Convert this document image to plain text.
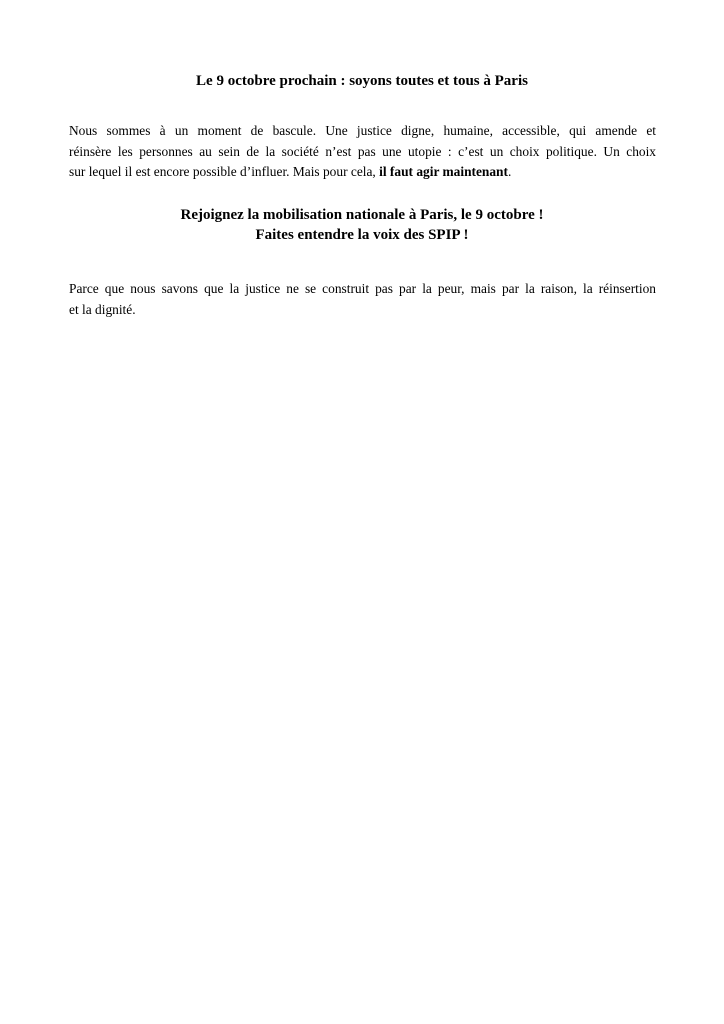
Le 9 octobre prochain : soyons toutes et tous à Paris
Nous sommes à un moment de bascule. Une justice digne, humaine, accessible, qui amende et
réinsère les personnes au sein de la société n’est pas une utopie : c’est un choix politique. Un choix
sur lequel il est encore possible d’influer. Mais pour cela, il faut agir maintenant.
Rejoignez la mobilisation nationale à Paris, le 9 octobre !
Faites entendre la voix des SPIP !
Parce que nous savons que la justice ne se construit pas par la peur, mais par la raison, la réinsertion
et la dignité.
